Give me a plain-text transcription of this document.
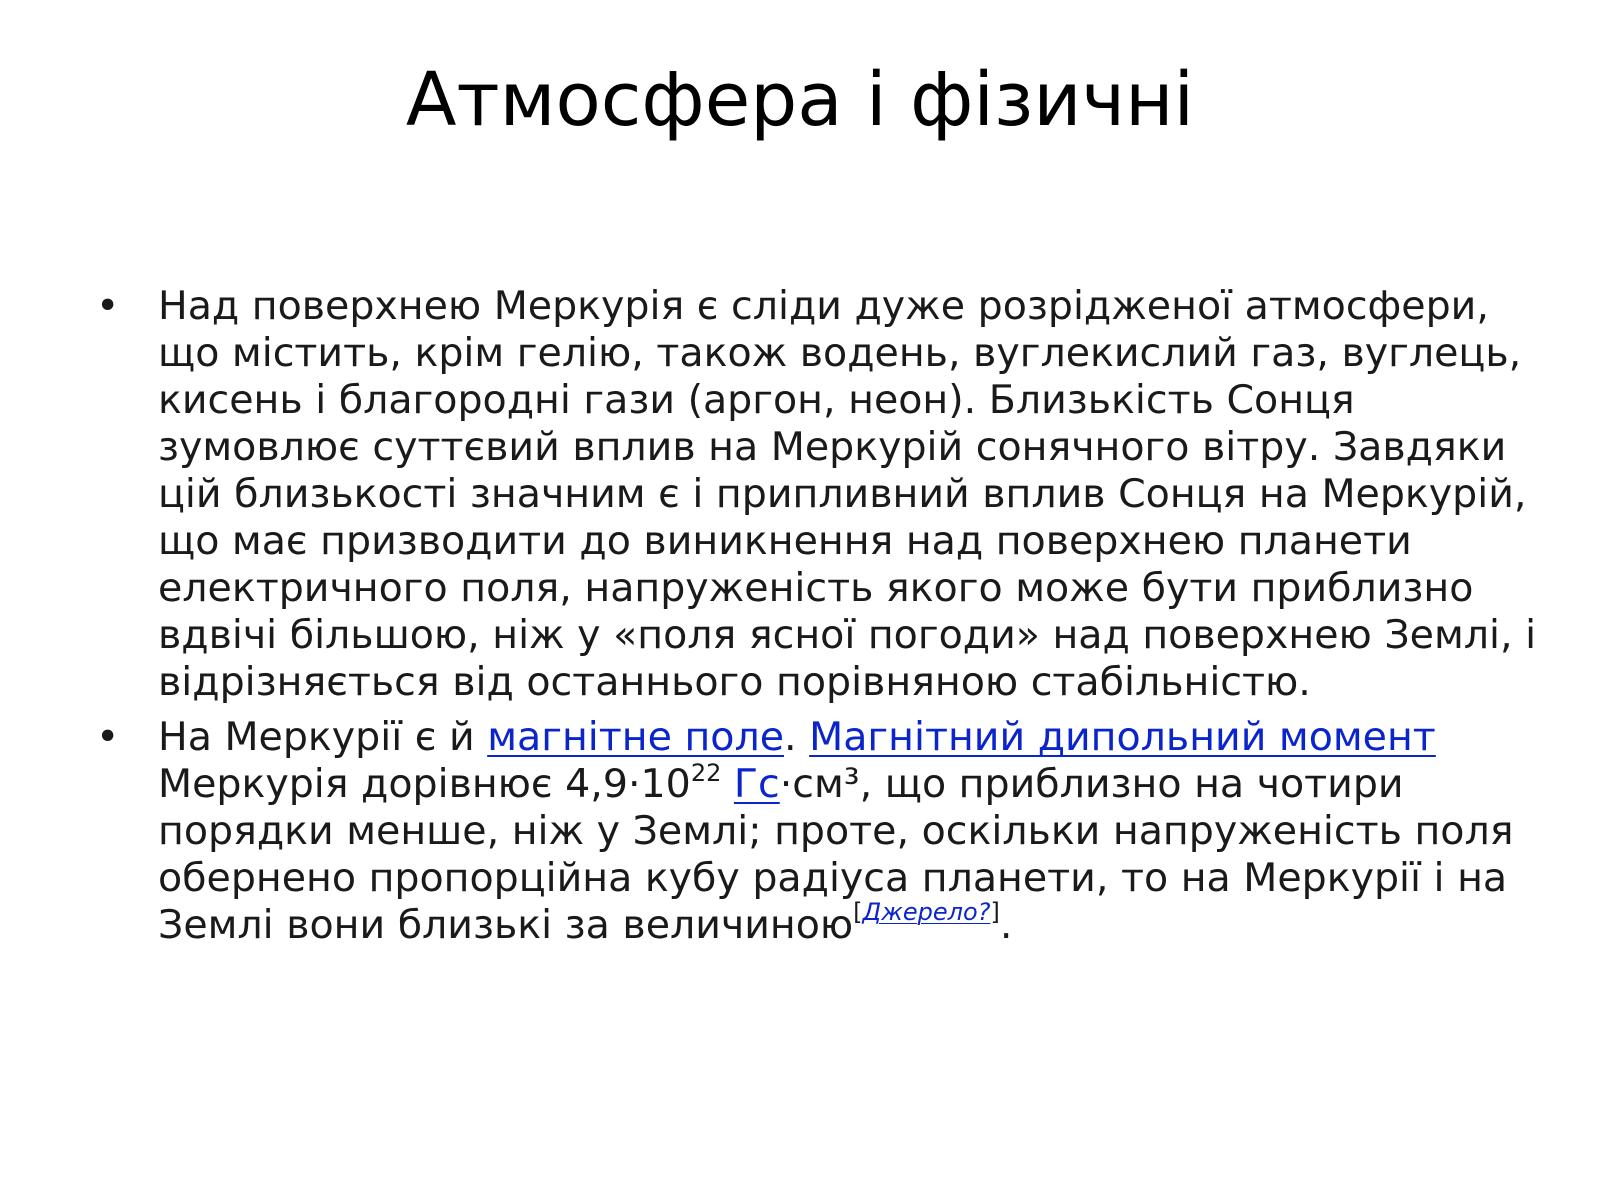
Атмосфера і фізичні
• Над поверхнею Меркурія є сліди дуже розрідженої атмосфери, що містить, крім гелію, також водень, вуглекислий газ, вуглець, кисень і благородні гази (аргон, неон). Близькість Сонця зумовлює суттєвий вплив на Меркурій сонячного вітру. Завдяки цій близькості значним є і припливний вплив Сонця на Меркурій, що має призводити до виникнення над поверхнею планети електричного поля, напруженість якого може бути приблизно вдвічі більшою, ніж у «поля ясної погоди» над поверхнею Землі, і відрізняється від останнього порівняною стабільністю.
• На Меркурії є й магнітне поле. Магнітний дипольний момент Меркурія дорівнює $4,9\cdot 10^{22}$ Гс·см³, що приблизно на чотири порядки менше, ніж у Землі; проте, оскільки напруженість поля обернено пропорційна кубу радіуса планети, то на Меркурії і на Землі вони близькі за величиною[Джерело?].
